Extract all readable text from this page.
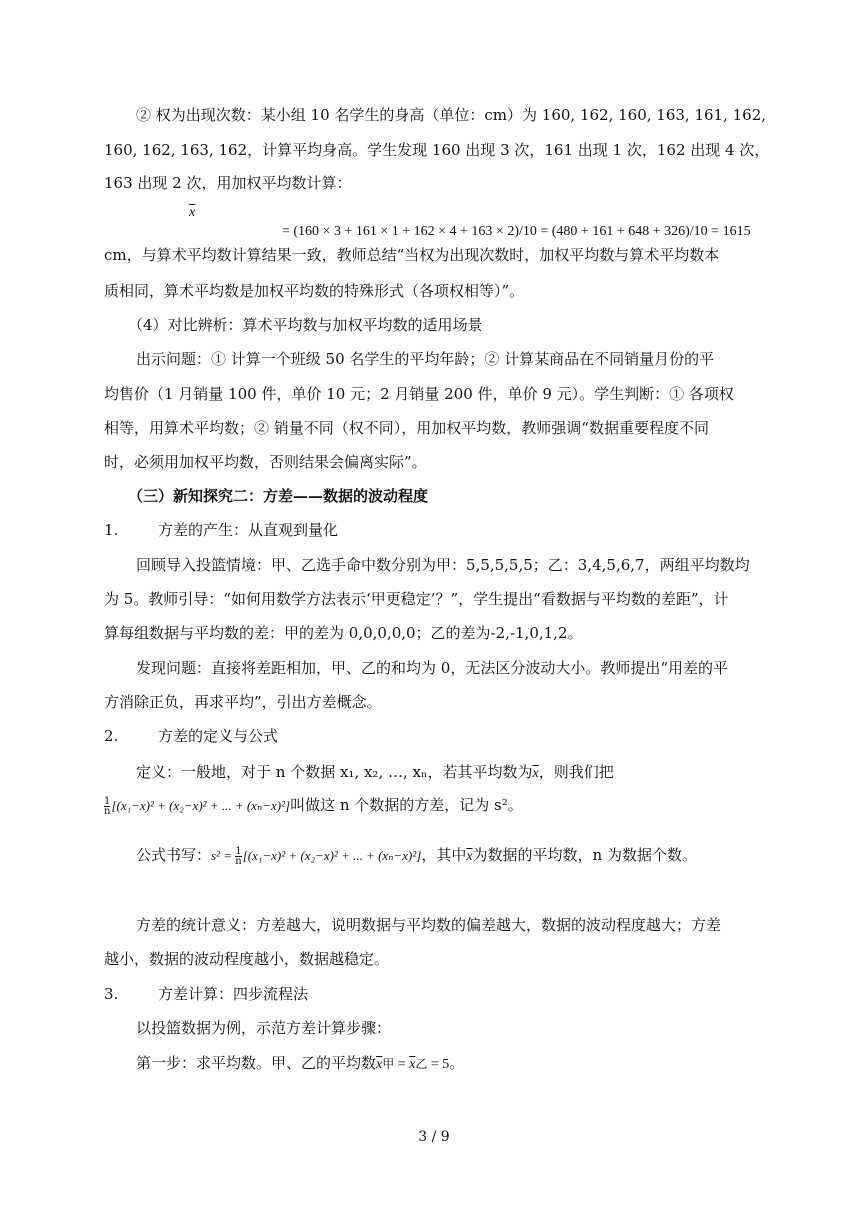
② 权为出现次数：某小组 10 名学生的身高（单位：cm）为 160, 162, 160, 163, 161, 162,
160, 162, 163, 162，计算平均身高。学生发现 160 出现 3 次，161 出现 1 次，162 出现 4 次，
163 出现 2 次，用加权平均数计算：
$\overline{x}$
= (160 × 3 + 161 × 1 + 162 × 4 + 163 × 2)/10 = (480 + 161 + 648 + 326)/10 = 1615
cm，与算术平均数计算结果一致，教师总结“当权为出现次数时，加权平均数与算术平均数本
质相同，算术平均数是加权平均数的特殊形式（各项权相等）”。
（4）对比辨析：算术平均数与加权平均数的适用场景
出示问题：① 计算一个班级 50 名学生的平均年龄；② 计算某商品在不同销量月份的平
均售价（1 月销量 100 件，单价 10 元；2 月销量 200 件，单价 9 元）。学生判断：① 各项权
相等，用算术平均数；② 销量不同（权不同），用加权平均数，教师强调“数据重要程度不同
时，必须用加权平均数，否则结果会偏离实际”。
（三）新知探究二：方差——数据的波动程度
1.	方差的产生：从直观到量化
回顾导入投篮情境：甲、乙选手命中数分别为甲：5,5,5,5,5；乙：3,4,5,6,7，两组平均数均
为 5。教师引导：“如何用数学方法表示‘甲更稳定’？”，学生提出“看数据与平均数的差距”，计
算每组数据与平均数的差：甲的差为 0,0,0,0,0；乙的差为-2,-1,0,1,2。
发现问题：直接将差距相加，甲、乙的和均为 0，无法区分波动大小。教师提出“用差的平
方消除正负，再求平均”，引出方差概念。
2.	方差的定义与公式
定义：一般地，对于 n 个数据 x₁, x₂, …, xₙ，若其平均数为$\overline{x}$，则我们把
$\frac{1}{n} [(x_1-x)^2 + (x_2-x)^2$ + ... + (xₙ−x)²]叫做这 n 个数据的方差，记为 s²。
公式书写：$s^2 = \frac{1}{n} [(x_1-x)^2 + (x_2-x)^2$ + ... + (xₙ−x)²]，其中$\overline{x}$为数据的平均数，n 为数据个数。
方差的统计意义：方差越大，说明数据与平均数的偏差越大，数据的波动程度越大；方差
越小，数据的波动程度越小，数据越稳定。
3.	方差计算：四步流程法
以投篮数据为例，示范方差计算步骤：
第一步：求平均数。甲、乙的平均数$\overline{x}$甲 = $\overline{x}$乙 = 5。
3 / 9
